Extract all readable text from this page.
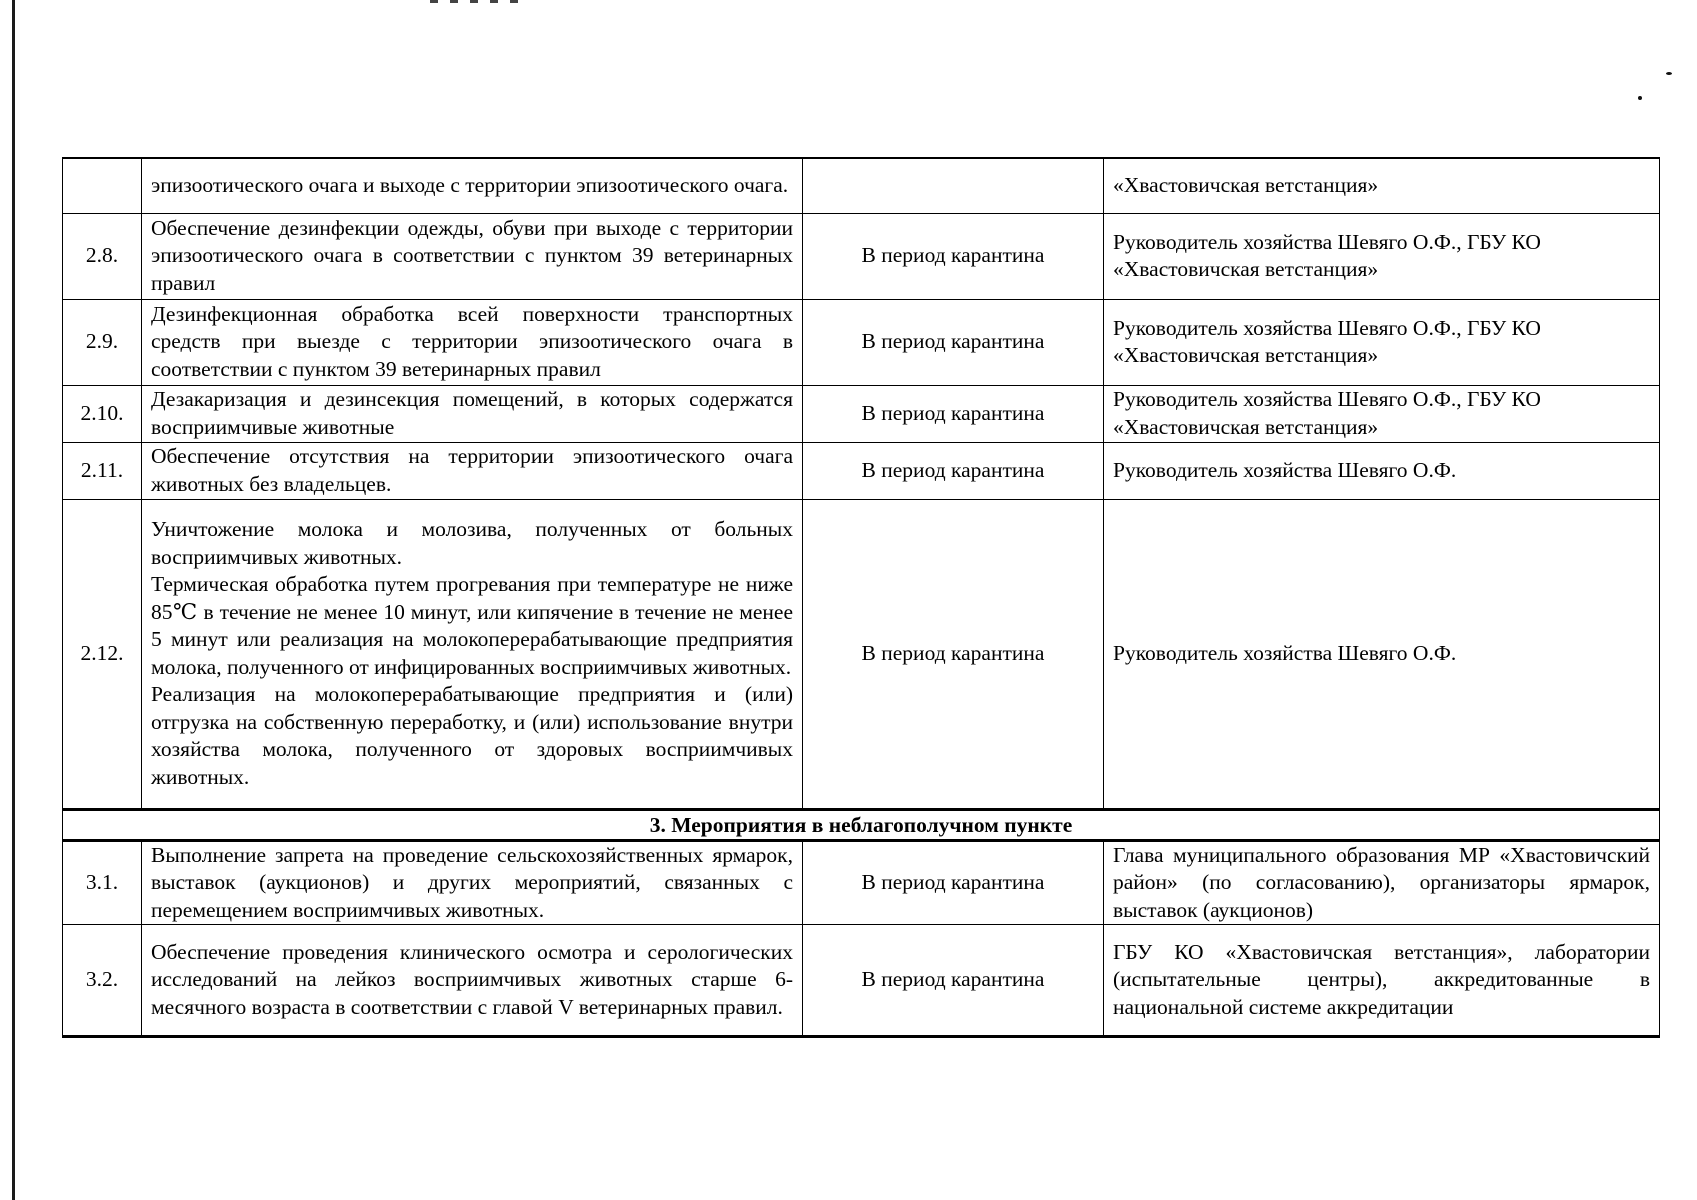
	эпизоотического очага и выходе с территории эпизоотического очага.		«Хвастовичская ветстанция»
2.8.	Обеспечение дезинфекции одежды, обуви при выходе с территории эпизоотического очага в соответствии с пунктом 39 ветеринарных правил	В период карантина	Руководитель хозяйства Шевяго О.Ф., ГБУ КО «Хвастовичская ветстанция»
2.9.	Дезинфекционная обработка всей поверхности транспортных средств при выезде с территории эпизоотического очага в соответствии с пунктом 39 ветеринарных правил	В период карантина	Руководитель хозяйства Шевяго О.Ф., ГБУ КО «Хвастовичская ветстанция»
2.10.	Дезакаризация и дезинсекция помещений, в которых содержатся восприимчивые животные	В период карантина	Руководитель хозяйства Шевяго О.Ф., ГБУ КО «Хвастовичская ветстанция»
2.11.	Обеспечение отсутствия на территории эпизоотического очага животных без владельцев.	В период карантина	Руководитель хозяйства Шевяго О.Ф.
2.12.	Уничтожение молока и молозива, полученных от больных восприимчивых животных.
Термическая обработка путем прогревания при температуре не ниже 85℃ в течение не менее 10 минут, или кипячение в течение не менее 5 минут или реализация на молокоперерабатывающие предприятия молока, полученного от инфицированных восприимчивых животных.
Реализация на молокоперерабатывающие предприятия и (или) отгрузка на собственную переработку, и (или) использование внутри хозяйства молока, полученного от здоровых восприимчивых животных.	В период карантина	Руководитель хозяйства Шевяго О.Ф.
3. Мероприятия в неблагополучном пункте			
3.1.	Выполнение запрета на проведение сельскохозяйственных ярмарок, выставок (аукционов) и других мероприятий, связанных с перемещением восприимчивых животных.	В период карантина	Глава муниципального образования МР «Хвастовичский район» (по согласованию), организаторы ярмарок, выставок (аукционов)
3.2.	Обеспечение проведения клинического осмотра и серологических исследований на лейкоз восприимчивых животных старше 6-месячного возраста в соответствии с главой V ветеринарных правил.	В период карантина	ГБУ КО «Хвастовичская ветстанция», лаборатории (испытательные центры), аккредитованные в национальной системе аккредитации
